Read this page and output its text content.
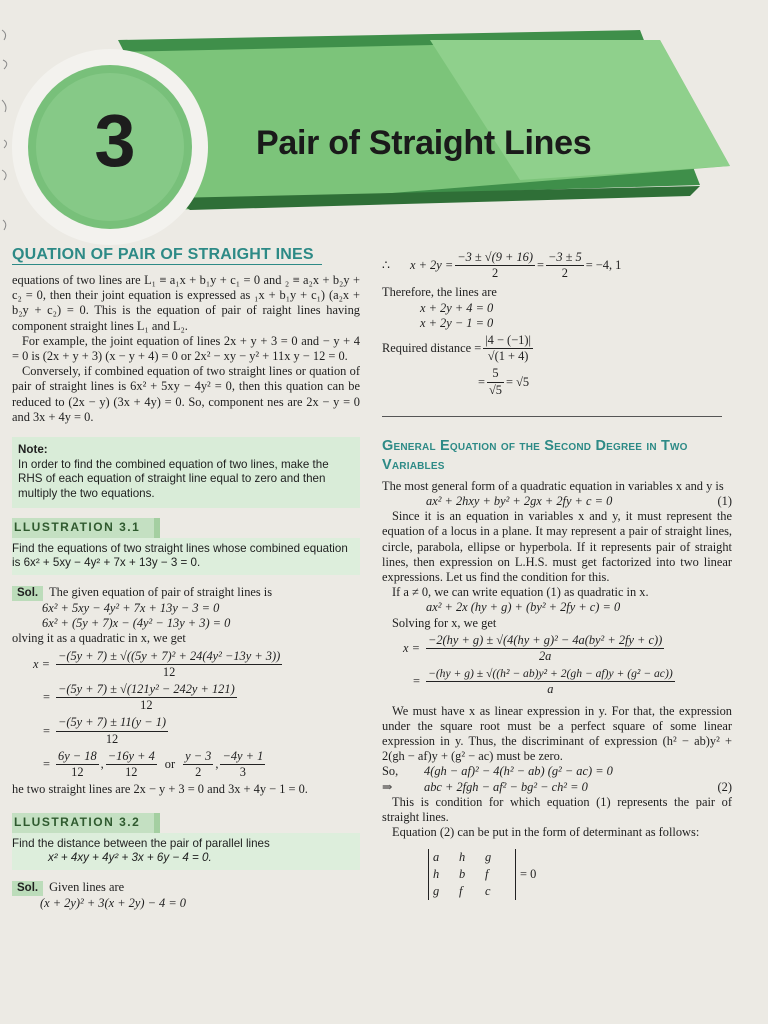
3	Pair of Straight Lines
QUATION OF PAIR OF STRAIGHT INES

equations of two lines are L₁ ≡ a₁x + b₁y + c₁ = 0 and ₂ ≡ a₂x + b₂y + c₂ = 0, then their joint equation is expressed as ₁x + b₁y + c₁) (a₂x + b₂y + c₂) = 0. This is the equation of pair of raight lines having component straight lines L₁ and L₂.

For example, the joint equation of lines 2x + y + 3 = 0 and − y + 4 = 0 is (2x + y + 3) (x − y + 4) = 0 or 2x² − xy − y² + 11x y − 12 = 0.

Conversely, if combined equation of two straight lines or quation of pair of straight lines is 6x² + 5xy − 4y² = 0, then this quation can be reduced to (2x − y) (3x + 4y) = 0. So, component nes are 2x − y = 0 and 3x + 4y = 0.

Note:
In order to find the combined equation of two lines, make the RHS of each equation of straight line equal to zero and then multiply the two equations.
LLUSTRATION 3.1
Find the equations of two straight lines whose combined equation is 6x² + 5xy − 4y² + 7x + 13y − 3 = 0.
Sol. The given equation of pair of straight lines is
6x² + 5xy − 4y² + 7x + 13y − 3 = 0
6x² + (5y + 7)x − (4y² − 13y + 3) = 0
olving it as a quadratic in x, we get
$x = \frac{\text{−(5y + 7) ± √((5y + 7)² + 24(4y² −13y + 3))}}{12}$
= $\frac{\text{−(5y + 7) ± √(121y² − 242y + 121)}}{12}$
= $\frac{-(5y + 7) \pm 11(y - 1)}{12}$
= $\frac{6y - 18}{12}$ , $\frac{-16y + 4}{12}$ or $\frac{y - 3}{2}$ , $\frac{-4y + 1}{3}$
he two straight lines are 2x − y + 3 = 0 and 3x + 4y − 1 = 0.
LLUSTRATION 3.2
Find the distance between the pair of parallel lines
x² + 4xy + 4y² + 3x + 6y − 4 = 0.
Sol. Given lines are
(x + 2y)² + 3(x + 2y) − 4 = 0
∴	$x + 2y = \frac{-3 \pm √(9 + 16)}{2} = \frac{-3 \pm 5}{2} = -4$, 1
Therefore, the lines are
x + 2y + 4 = 0
x + 2y − 1 = 0
Required distance = $\frac{|4 - (-1)|}{√(1 + 4)}$
= $\frac{5}{√5} = √5$
General Equation of the Second Degree in Two Variables

The most general form of a quadratic equation in variables x and y is

ax² + 2hxy + by² + 2gx + 2fy + c = 0	(1)

Since it is an equation in variables x and y, it must represent the equation of a locus in a plane. It may represent a pair of straight lines, circle, parabola, ellipse or hyperbola. If it represents pair of straight lines, then expression on L.H.S. must get factorized into two linear expressions. Let us find the condition for this.

If a ≠ 0, we can write equation (1) as quadratic in x.

ax² + 2x (hy + g) + (by² + 2fy + c) = 0

Solving for x, we get

$x = \frac{\text{−2(hy + g) ± √(4(hy + g)² − 4a(by² + 2fy + c))}}{2a}$
= $\frac{\text{−(hy + g) ± √((h² − ab)y² + 2(gh − af)y + (g² − ac))}}{a}$

We must have x as linear expression in y. For that, the expression under the square root must be a perfect square of some linear expression in y. Thus, the discriminant of expression (h² − ab)y² + 2(gh − af)y + (g² − ac) must be zero.

So,	4(gh − af)² − 4(h² − ab) (g² − ac) = 0
⇒	abc + 2fgh − af² − bg² − ch² = 0	(2)

This is condition for which equation (1) represents the pair of straight lines.

Equation (2) can be put in the form of determinant as follows:

a	h	g
h	b	f
g	f	c
= 0
